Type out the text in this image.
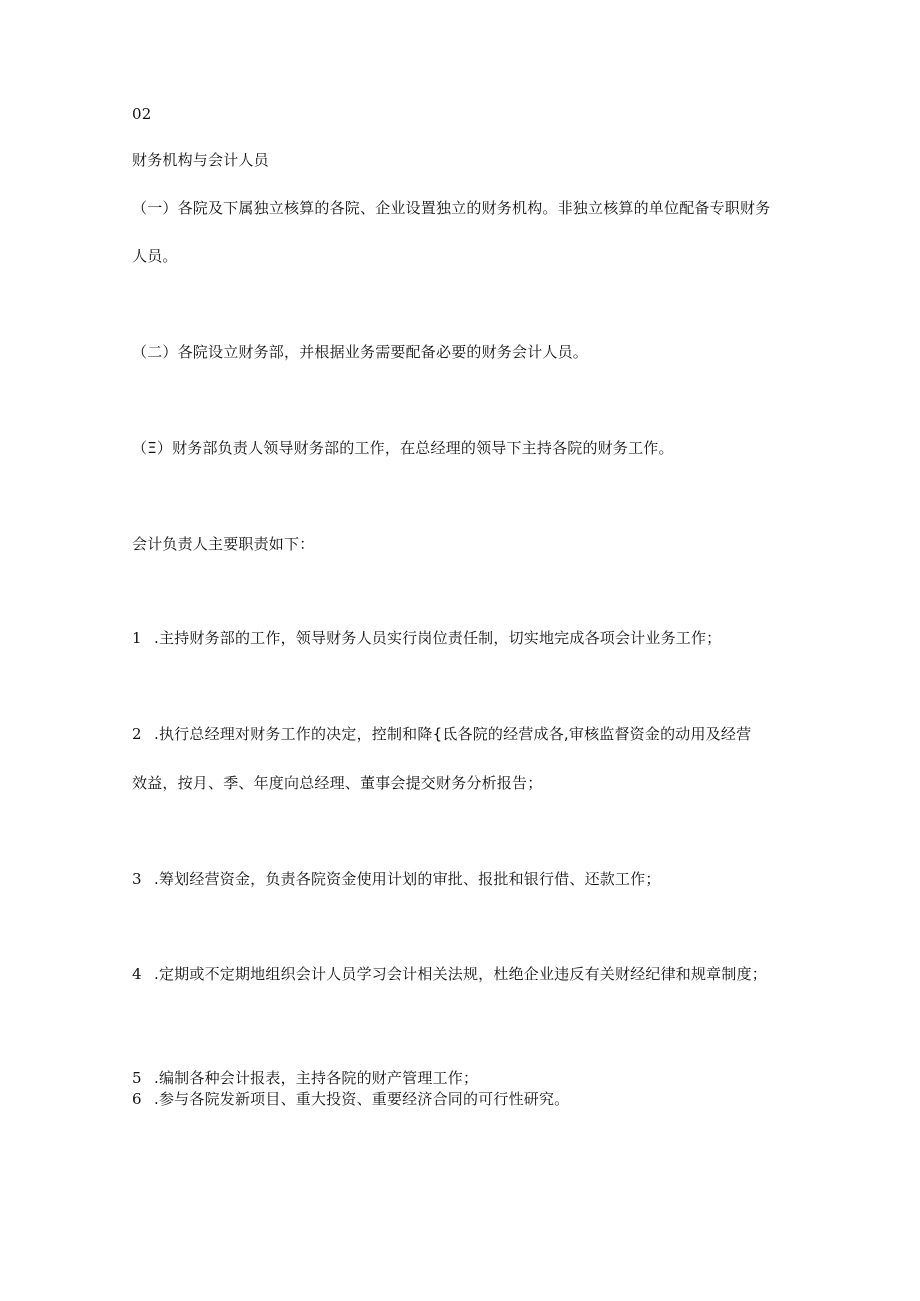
02
财务机构与会计人员
（一）各院及下属独立核算的各院、企业设置独立的财务机构。非独立核算的单位配备专职财务
人员。
（二）各院设立财务部，并根据业务需要配备必要的财务会计人员。
（Ξ）财务部负责人领导财务部的工作，在总经理的领导下主持各院的财务工作。
会计负责人主要职责如下：
1 .主持财务部的工作，领导财务人员实行岗位责任制，切实地完成各项会计业务工作；
2 .执行总经理对财务工作的决定，控制和降{氐各院的经营成各,审核监督资金的动用及经营
效益，按月、季、年度向总经理、董事会提交财务分析报告；
3 .筹划经营资金，负责各院资金使用计划的审批、报批和银行借、还款工作；
4 .定期或不定期地组织会计人员学习会计相关法规，杜绝企业违反有关财经纪律和规章制度；
5 .编制各种会计报表，主持各院的财产管理工作；
6 .参与各院发新项目、重大投资、重要经济合同的可行性研究。
